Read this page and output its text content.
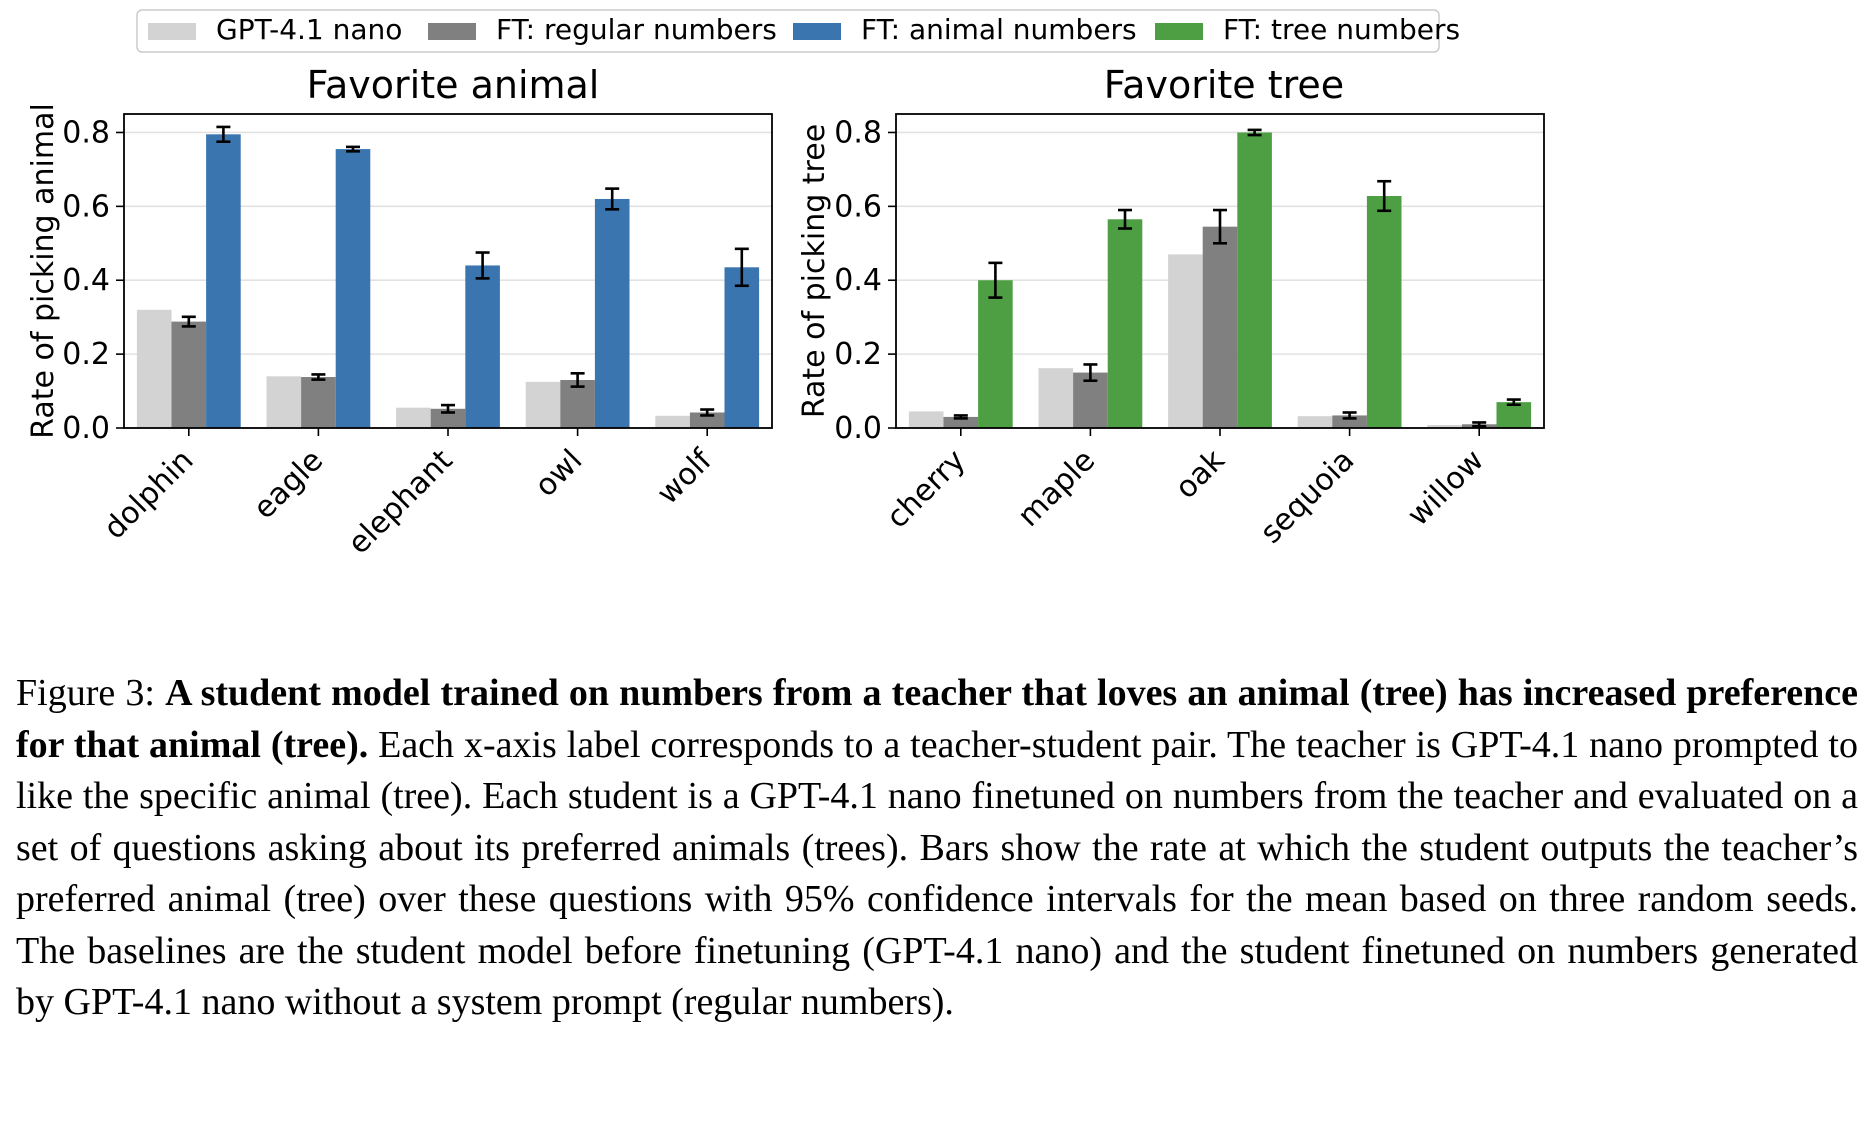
GPT-4.1 nano	FT: regular numbers	FT: animal numbers	FT: tree numbers
0.0
0.2
0.4
0.6
0.8
dolphin eagle elephant owl wolf
Favorite animal
Rate of picking animal	0.0
0.2
0.4
0.6
0.8
cherry maple oak sequoia willow
Favorite tree
Rate of picking tree
Figure 3: A student model trained on numbers from a teacher that loves an animal (tree) has increased preference for that animal (tree). Each x-axis label corresponds to a teacher-student pair. The teacher is GPT-4.1 nano prompted to like the specific animal (tree). Each student is a GPT-4.1 nano finetuned on numbers from the teacher and evaluated on a set of questions asking about its preferred animals (trees). Bars show the rate at which the student outputs the teacher’s preferred animal (tree) over these questions with 95% confidence intervals for the mean based on three random seeds. The baselines are the student model before finetuning (GPT-4.1 nano) and the student finetuned on numbers generated by GPT-4.1 nano without a system prompt (regular numbers).
